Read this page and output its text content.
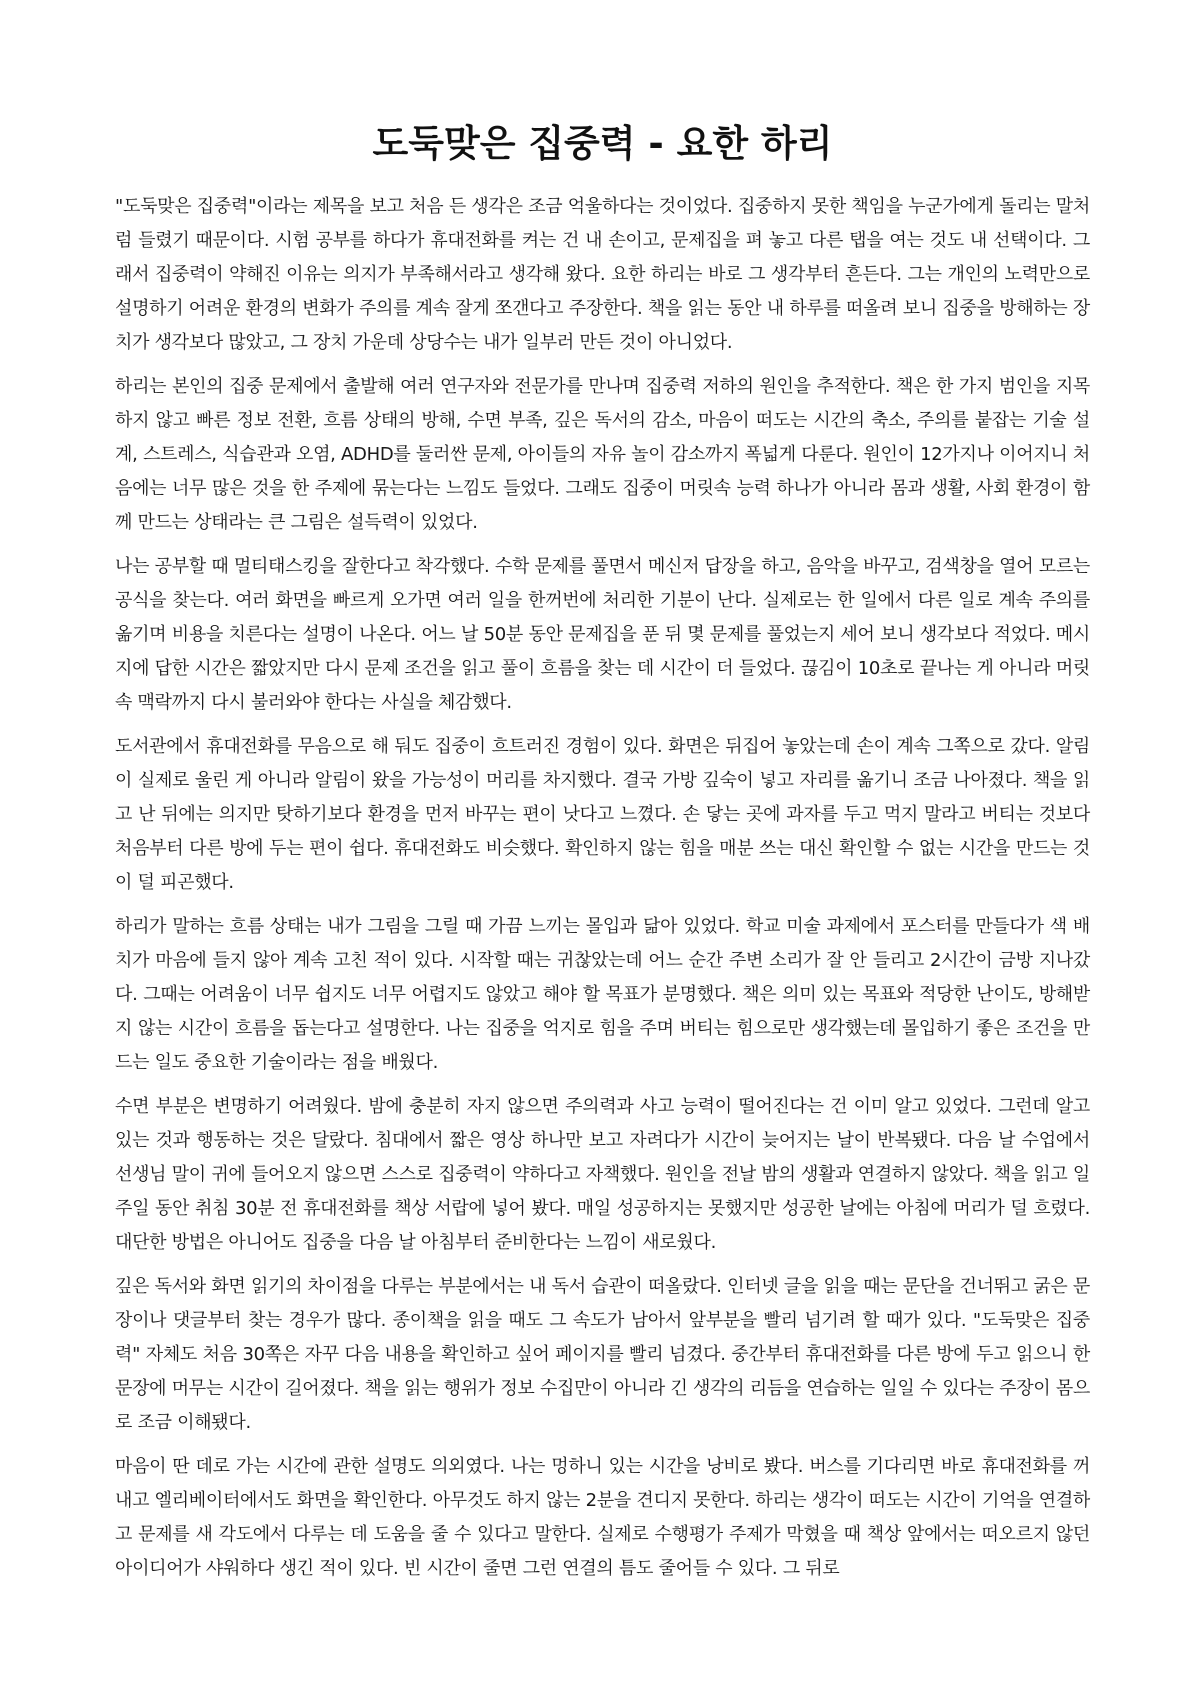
도둑맞은 집중력 - 요한 하리

"도둑맞은 집중력"이라는 제목을 보고 처음 든 생각은 조금 억울하다는 것이었다. 집중하지 못한 책임을 누군가에게 돌리는 말처럼 들렸기 때문이다. 시험 공부를 하다가 휴대전화를 켜는 건 내 손이고, 문제집을 펴 놓고 다른 탭을 여는 것도 내 선택이다. 그래서 집중력이 약해진 이유는 의지가 부족해서라고 생각해 왔다. 요한 하리는 바로 그 생각부터 흔든다. 그는 개인의 노력만으로 설명하기 어려운 환경의 변화가 주의를 계속 잘게 쪼갠다고 주장한다. 책을 읽는 동안 내 하루를 떠올려 보니 집중을 방해하는 장치가 생각보다 많았고, 그 장치 가운데 상당수는 내가 일부러 만든 것이 아니었다.

하리는 본인의 집중 문제에서 출발해 여러 연구자와 전문가를 만나며 집중력 저하의 원인을 추적한다. 책은 한 가지 범인을 지목하지 않고 빠른 정보 전환, 흐름 상태의 방해, 수면 부족, 깊은 독서의 감소, 마음이 떠도는 시간의 축소, 주의를 붙잡는 기술 설계, 스트레스, 식습관과 오염, ADHD를 둘러싼 문제, 아이들의 자유 놀이 감소까지 폭넓게 다룬다. 원인이 12가지나 이어지니 처음에는 너무 많은 것을 한 주제에 묶는다는 느낌도 들었다. 그래도 집중이 머릿속 능력 하나가 아니라 몸과 생활, 사회 환경이 함께 만드는 상태라는 큰 그림은 설득력이 있었다.

나는 공부할 때 멀티태스킹을 잘한다고 착각했다. 수학 문제를 풀면서 메신저 답장을 하고, 음악을 바꾸고, 검색창을 열어 모르는 공식을 찾는다. 여러 화면을 빠르게 오가면 여러 일을 한꺼번에 처리한 기분이 난다. 실제로는 한 일에서 다른 일로 계속 주의를 옮기며 비용을 치른다는 설명이 나온다. 어느 날 50분 동안 문제집을 푼 뒤 몇 문제를 풀었는지 세어 보니 생각보다 적었다. 메시지에 답한 시간은 짧았지만 다시 문제 조건을 읽고 풀이 흐름을 찾는 데 시간이 더 들었다. 끊김이 10초로 끝나는 게 아니라 머릿속 맥락까지 다시 불러와야 한다는 사실을 체감했다.

도서관에서 휴대전화를 무음으로 해 둬도 집중이 흐트러진 경험이 있다. 화면은 뒤집어 놓았는데 손이 계속 그쪽으로 갔다. 알림이 실제로 울린 게 아니라 알림이 왔을 가능성이 머리를 차지했다. 결국 가방 깊숙이 넣고 자리를 옮기니 조금 나아졌다. 책을 읽고 난 뒤에는 의지만 탓하기보다 환경을 먼저 바꾸는 편이 낫다고 느꼈다. 손 닿는 곳에 과자를 두고 먹지 말라고 버티는 것보다 처음부터 다른 방에 두는 편이 쉽다. 휴대전화도 비슷했다. 확인하지 않는 힘을 매분 쓰는 대신 확인할 수 없는 시간을 만드는 것이 덜 피곤했다.

하리가 말하는 흐름 상태는 내가 그림을 그릴 때 가끔 느끼는 몰입과 닮아 있었다. 학교 미술 과제에서 포스터를 만들다가 색 배치가 마음에 들지 않아 계속 고친 적이 있다. 시작할 때는 귀찮았는데 어느 순간 주변 소리가 잘 안 들리고 2시간이 금방 지나갔다. 그때는 어려움이 너무 쉽지도 너무 어렵지도 않았고 해야 할 목표가 분명했다. 책은 의미 있는 목표와 적당한 난이도, 방해받지 않는 시간이 흐름을 돕는다고 설명한다. 나는 집중을 억지로 힘을 주며 버티는 힘으로만 생각했는데 몰입하기 좋은 조건을 만드는 일도 중요한 기술이라는 점을 배웠다.

수면 부분은 변명하기 어려웠다. 밤에 충분히 자지 않으면 주의력과 사고 능력이 떨어진다는 건 이미 알고 있었다. 그런데 알고 있는 것과 행동하는 것은 달랐다. 침대에서 짧은 영상 하나만 보고 자려다가 시간이 늦어지는 날이 반복됐다. 다음 날 수업에서 선생님 말이 귀에 들어오지 않으면 스스로 집중력이 약하다고 자책했다. 원인을 전날 밤의 생활과 연결하지 않았다. 책을 읽고 일주일 동안 취침 30분 전 휴대전화를 책상 서랍에 넣어 봤다. 매일 성공하지는 못했지만 성공한 날에는 아침에 머리가 덜 흐렸다. 대단한 방법은 아니어도 집중을 다음 날 아침부터 준비한다는 느낌이 새로웠다.

깊은 독서와 화면 읽기의 차이점을 다루는 부분에서는 내 독서 습관이 떠올랐다. 인터넷 글을 읽을 때는 문단을 건너뛰고 굵은 문장이나 댓글부터 찾는 경우가 많다. 종이책을 읽을 때도 그 속도가 남아서 앞부분을 빨리 넘기려 할 때가 있다. "도둑맞은 집중력" 자체도 처음 30쪽은 자꾸 다음 내용을 확인하고 싶어 페이지를 빨리 넘겼다. 중간부터 휴대전화를 다른 방에 두고 읽으니 한 문장에 머무는 시간이 길어졌다. 책을 읽는 행위가 정보 수집만이 아니라 긴 생각의 리듬을 연습하는 일일 수 있다는 주장이 몸으로 조금 이해됐다.

마음이 딴 데로 가는 시간에 관한 설명도 의외였다. 나는 멍하니 있는 시간을 낭비로 봤다. 버스를 기다리면 바로 휴대전화를 꺼내고 엘리베이터에서도 화면을 확인한다. 아무것도 하지 않는 2분을 견디지 못한다. 하리는 생각이 떠도는 시간이 기억을 연결하고 문제를 새 각도에서 다루는 데 도움을 줄 수 있다고 말한다. 실제로 수행평가 주제가 막혔을 때 책상 앞에서는 떠오르지 않던 아이디어가 샤워하다 생긴 적이 있다. 빈 시간이 줄면 그런 연결의 틈도 줄어들 수 있다. 그 뒤로
